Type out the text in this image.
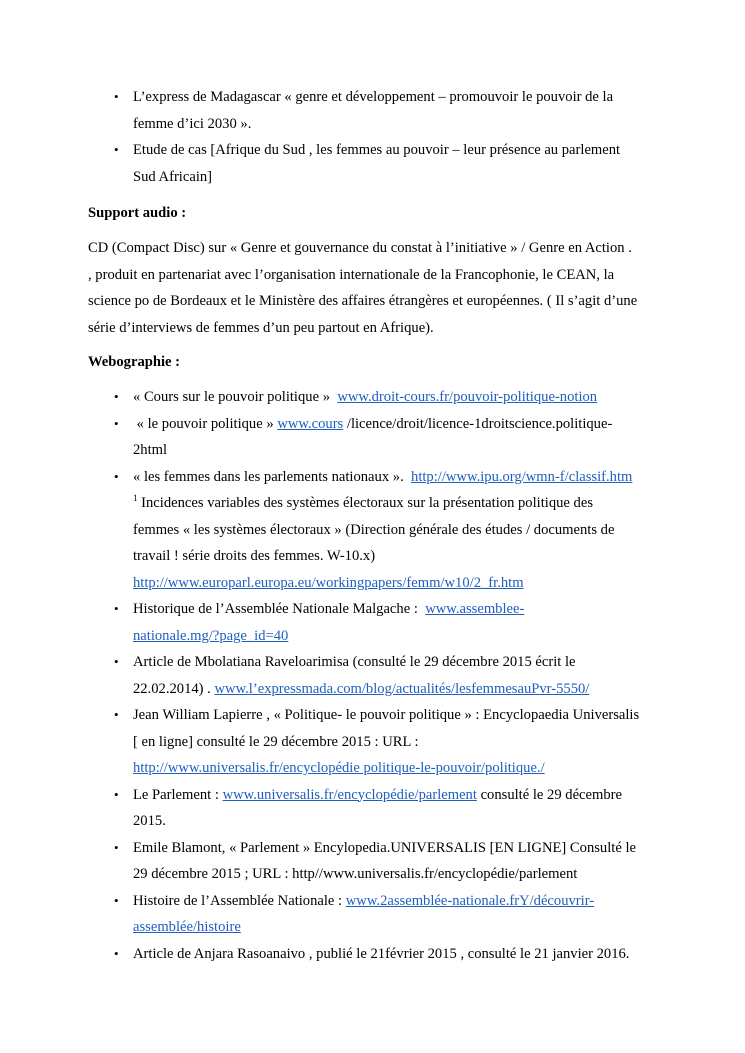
• L’express de Madagascar « genre et développement – promouvoir le pouvoir de la
femme d’ici 2030 ».
• Etude de cas [Afrique du Sud , les femmes au pouvoir – leur présence au parlement
Sud Africain]

Support audio :

CD (Compact Disc) sur « Genre et gouvernance du constat à l’initiative » / Genre en Action .
, produit en partenariat avec l’organisation internationale de la Francophonie, le CEAN, la
science po de Bordeaux et le Ministère des affaires étrangères et européennes. ( Il s’agit d’une
série d’interviews de femmes d’un peu partout en Afrique).

Webographie :

• « Cours sur le pouvoir politique »  www.droit-cours.fr/pouvoir-politique-notion
• « le pouvoir politique » www.cours /licence/droit/licence-1droitscience.politique-
2html
• « les femmes dans les parlements nationaux ».  http://www.ipu.org/wmn-f/classif.htm
$^1$ Incidences variables des systèmes électoraux sur la présentation politique des
femmes « les systèmes électoraux » (Direction générale des études / documents de
travail ! série droits des femmes. W-10.x)
http://www.europarl.europa.eu/workingpapers/femm/w10/2_fr.htm
• Historique de l’Assemblée Nationale Malgache :  www.assemblee-
nationale.mg/?page_id=40
• Article de Mbolatiana Raveloarimisa (consulté le 29 décembre 2015 écrit le
22.02.2014) . www.l’expressmada.com/blog/actualités/lesfemmesauPvr-5550/
• Jean William Lapierre , « Politique- le pouvoir politique » : Encyclopaedia Universalis
[ en ligne] consulté le 29 décembre 2015 : URL :
http://www.universalis.fr/encyclopédie politique-le-pouvoir/politique./
• Le Parlement : www.universalis.fr/encyclopédie/parlement consulté le 29 décembre
2015.
• Emile Blamont, « Parlement » Encylopedia.UNIVERSALIS [EN LIGNE] Consulté le
29 décembre 2015 ; URL : http//www.universalis.fr/encyclopédie/parlement
• Histoire de l’Assemblée Nationale : www.2assemblée-nationale.frY/découvrir-
assemblée/histoire
• Article de Anjara Rasoanaivo , publié le 21février 2015 , consulté le 21 janvier 2016.
